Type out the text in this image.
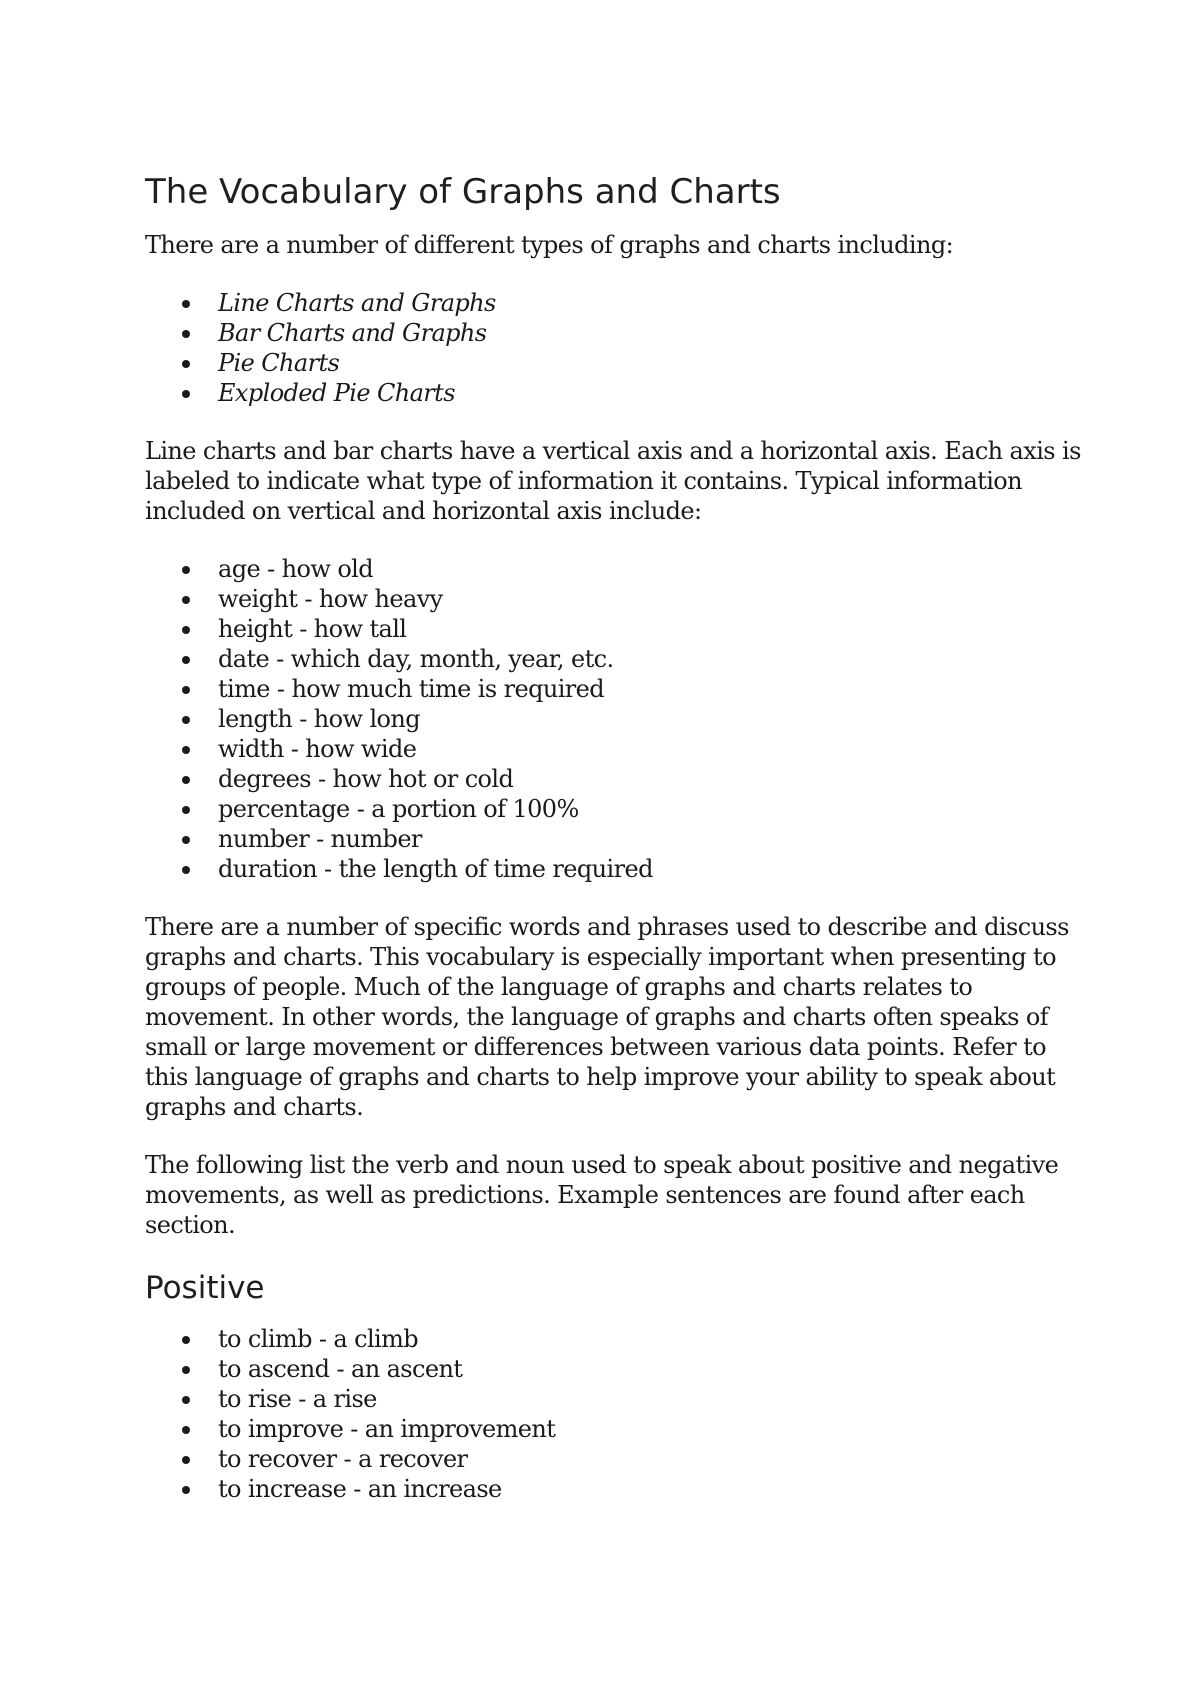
The Vocabulary of Graphs and Charts

There are a number of different types of graphs and charts including:

Line Charts and Graphs
Bar Charts and Graphs
Pie Charts
Exploded Pie Charts

Line charts and bar charts have a vertical axis and a horizontal axis. Each axis is labeled to indicate what type of information it contains. Typical information included on vertical and horizontal axis include:

age - how old
weight - how heavy
height - how tall
date - which day, month, year, etc.
time - how much time is required
length - how long
width - how wide
degrees - how hot or cold
percentage - a portion of 100%
number - number
duration - the length of time required

There are a number of specific words and phrases used to describe and discuss graphs and charts. This vocabulary is especially important when presenting to groups of people. Much of the language of graphs and charts relates to movement. In other words, the language of graphs and charts often speaks of small or large movement or differences between various data points. Refer to this language of graphs and charts to help improve your ability to speak about graphs and charts.

The following list the verb and noun used to speak about positive and negative movements, as well as predictions. Example sentences are found after each section.

Positive
to climb - a climb
to ascend - an ascent
to rise - a rise
to improve - an improvement
to recover - a recover
to increase - an increase
